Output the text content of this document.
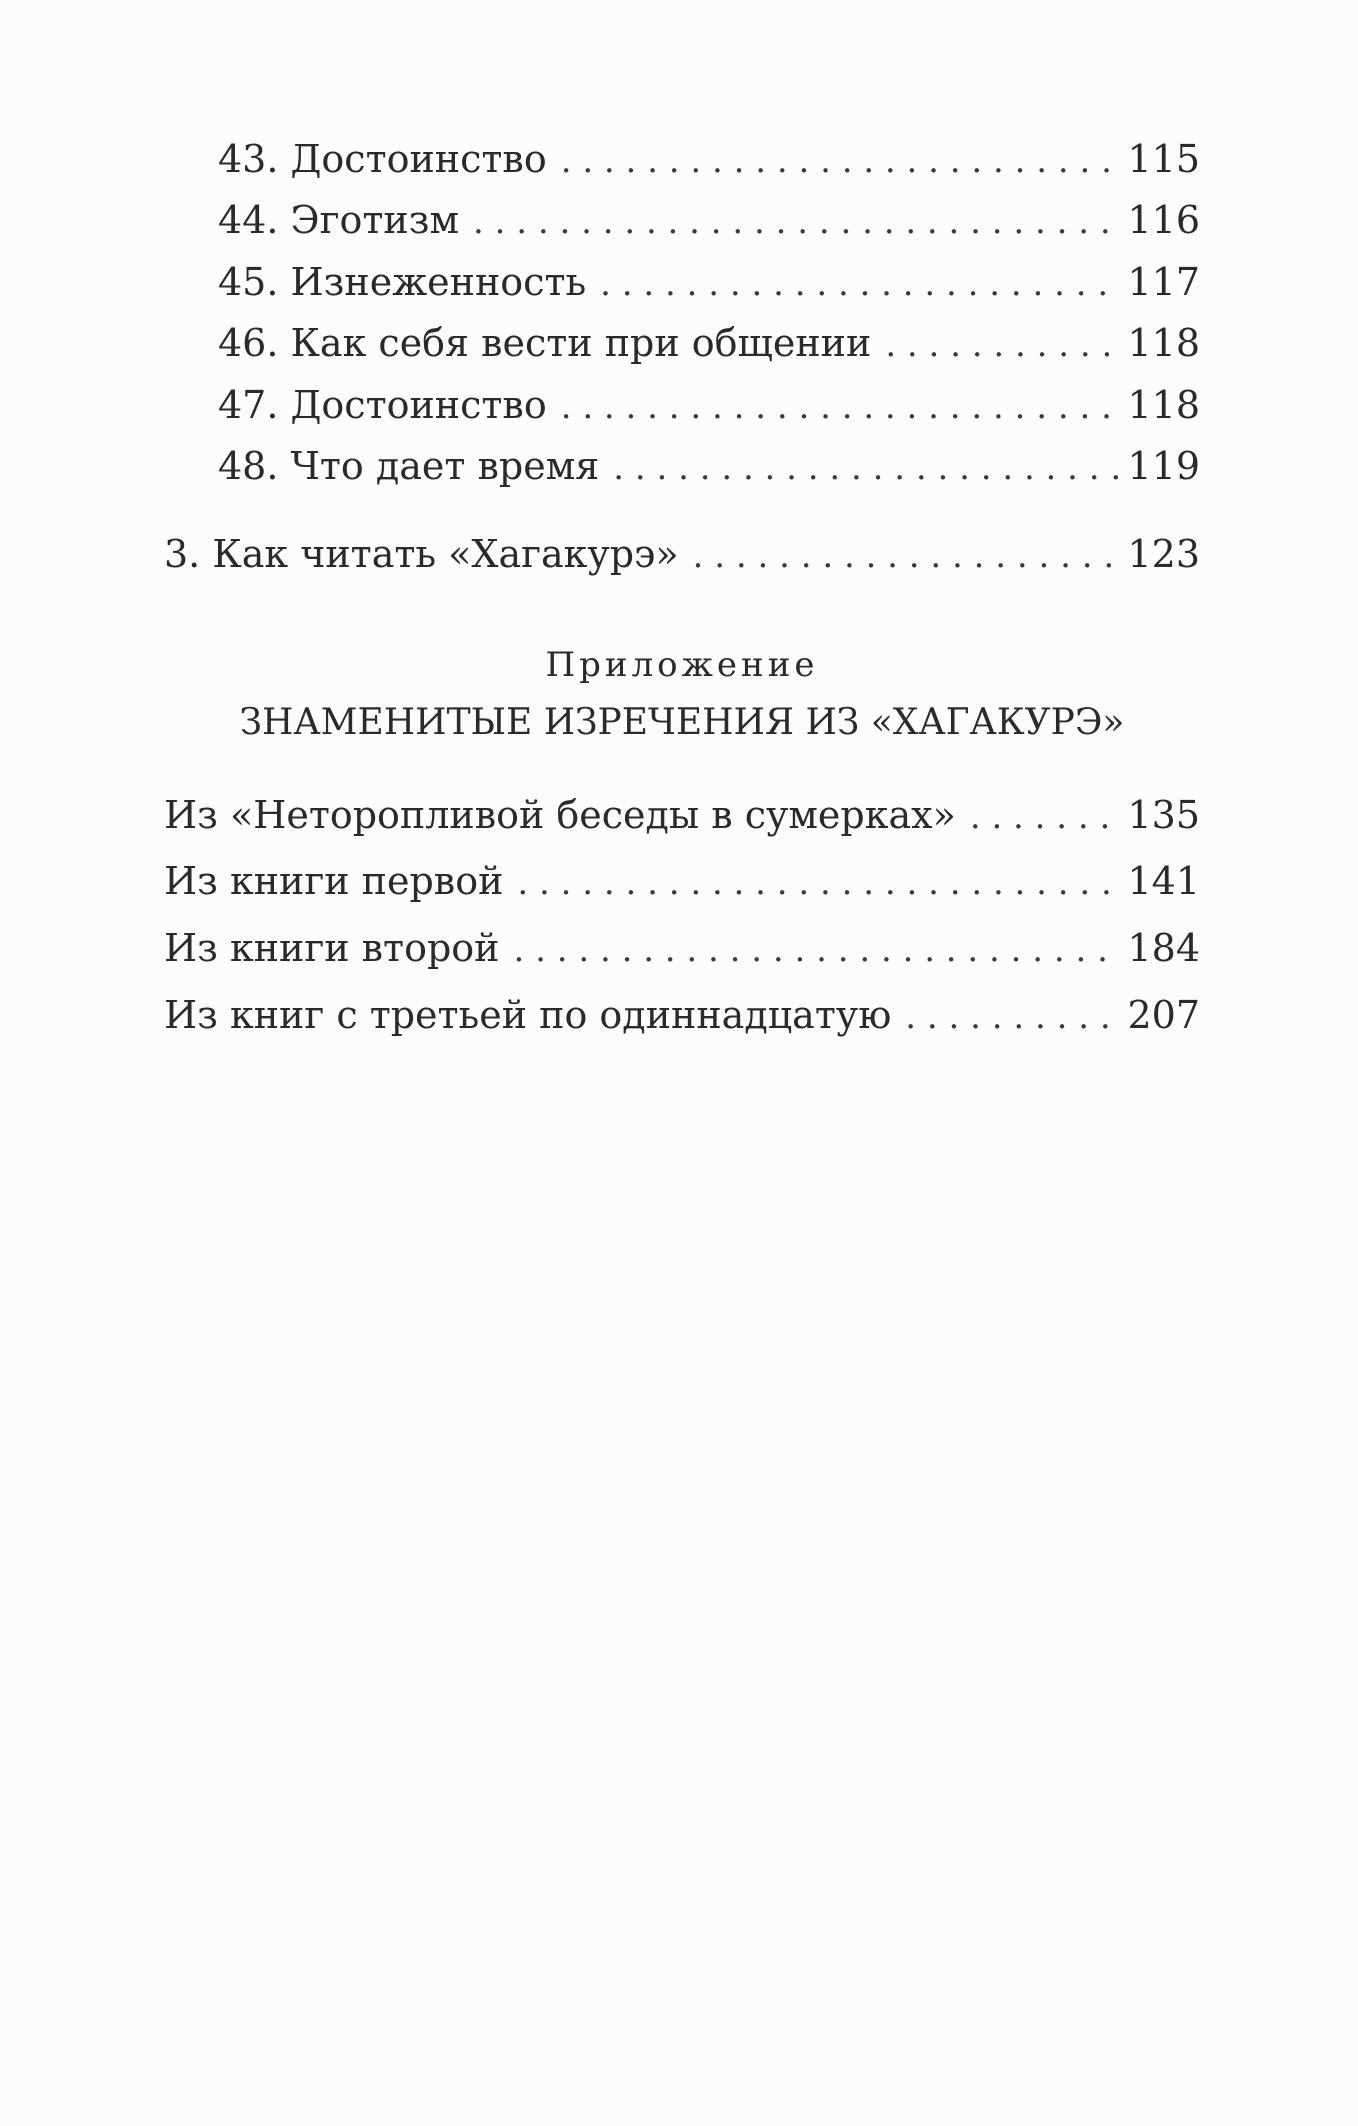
43. Достоинство . . .	115
44. Эготизм . . .	116
45. Изнеженность . . .	117
46. Как себя вести при общении . . .	118
47. Достоинство . . .	118
48. Что дает время . . .	119
3. Как читать «Хагакурэ» . . .	123
Приложение
ЗНАМЕНИТЫЕ ИЗРЕЧЕНИЯ ИЗ «ХАГАКУРЭ»
Из «Неторопливой беседы в сумерках» . . .	135
Из книги первой . . .	141
Из книги второй . . .	184
Из книг с третьей по одиннадцатую . . .	207
